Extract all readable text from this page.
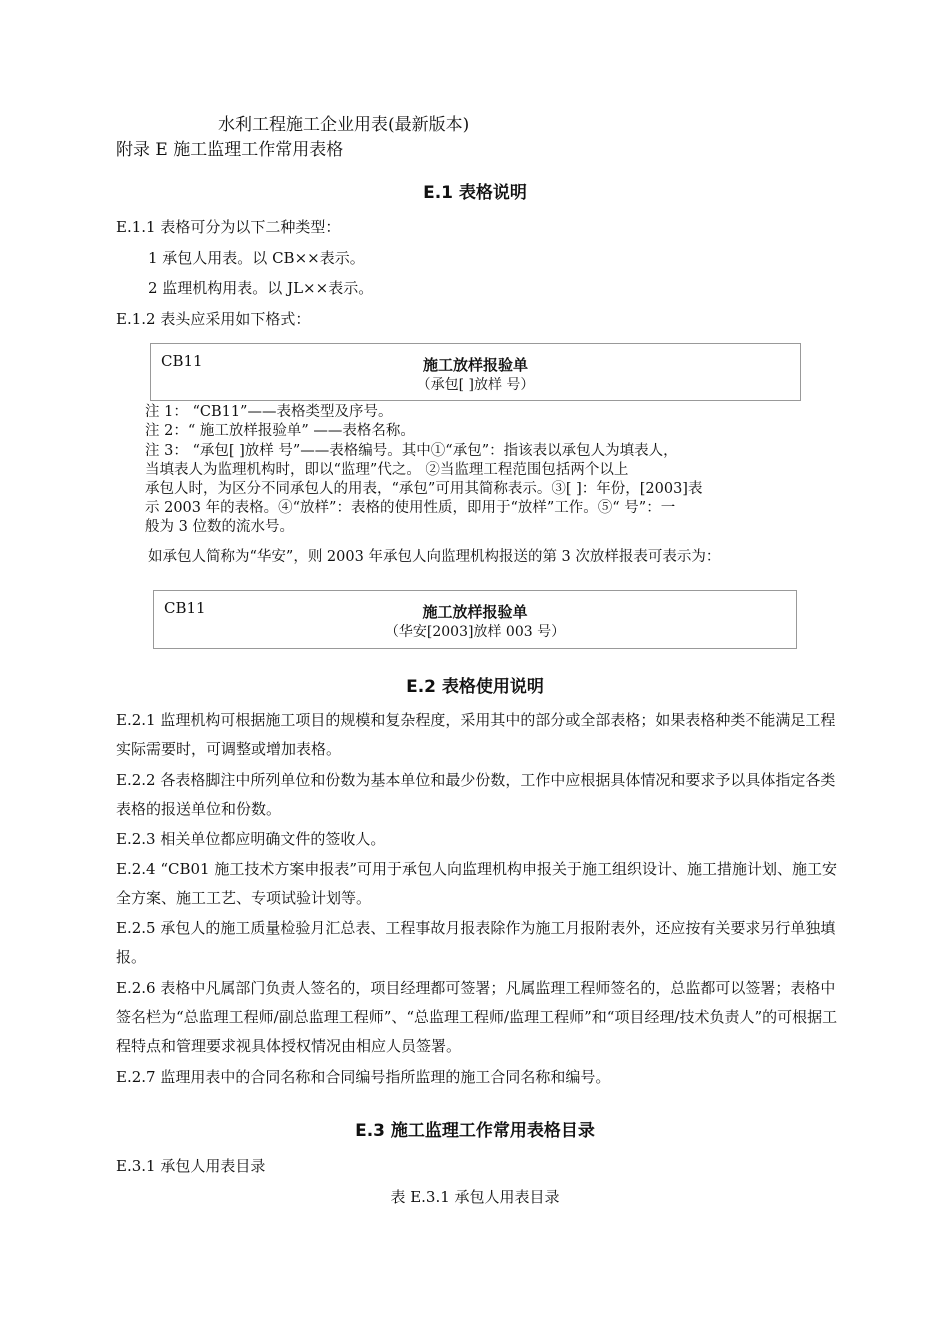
水利工程施工企业用表(最新版本)
附录 E 施工监理工作常用表格
E.1 表格说明
E.1.1 表格可分为以下二种类型：
1 承包人用表。以 CB××表示。
2 监理机构用表。以 JL××表示。
E.1.2 表头应采用如下格式：
CB11	施工放样报验单
（承包[ ]放样 号）
注 1： “CB11”——表格类型及序号。
注 2：“ 施工放样报验单” ——表格名称。
注 3： “承包[ ]放样 号”——表格编号。其中①“承包”：指该表以承包人为填表人，
当填表人为监理机构时，即以“监理”代之。 ②当监理工程范围包括两个以上
承包人时，为区分不同承包人的用表，“承包”可用其简称表示。③[ ]：年份，[2003]表
示 2003 年的表格。④“放样”：表格的使用性质，即用于“放样”工作。⑤“ 号”：一
般为 3 位数的流水号。
如承包人简称为“华安”，则 2003 年承包人向监理机构报送的第 3 次放样报表可表示为：
CB11	施工放样报验单
（华安[2003]放样 003 号）
E.2 表格使用说明
E.2.1 监理机构可根据施工项目的规模和复杂程度，采用其中的部分或全部表格；如果表格种类不能满足工程实际需要时，可调整或增加表格。
E.2.2 各表格脚注中所列单位和份数为基本单位和最少份数，工作中应根据具体情况和要求予以具体指定各类表格的报送单位和份数。
E.2.3 相关单位都应明确文件的签收人。
E.2.4 “CB01 施工技术方案申报表”可用于承包人向监理机构申报关于施工组织设计、施工措施计划、施工安全方案、施工工艺、专项试验计划等。
E.2.5 承包人的施工质量检验月汇总表、工程事故月报表除作为施工月报附表外，还应按有关要求另行单独填报。
E.2.6 表格中凡属部门负责人签名的，项目经理都可签署；凡属监理工程师签名的，总监都可以签署；表格中签名栏为“总监理工程师/副总监理工程师”、“总监理工程师/监理工程师”和“项目经理/技术负责人”的可根据工程特点和管理要求视具体授权情况由相应人员签署。
E.2.7 监理用表中的合同名称和合同编号指所监理的施工合同名称和编号。
E.3 施工监理工作常用表格目录
E.3.1 承包人用表目录
表 E.3.1 承包人用表目录
